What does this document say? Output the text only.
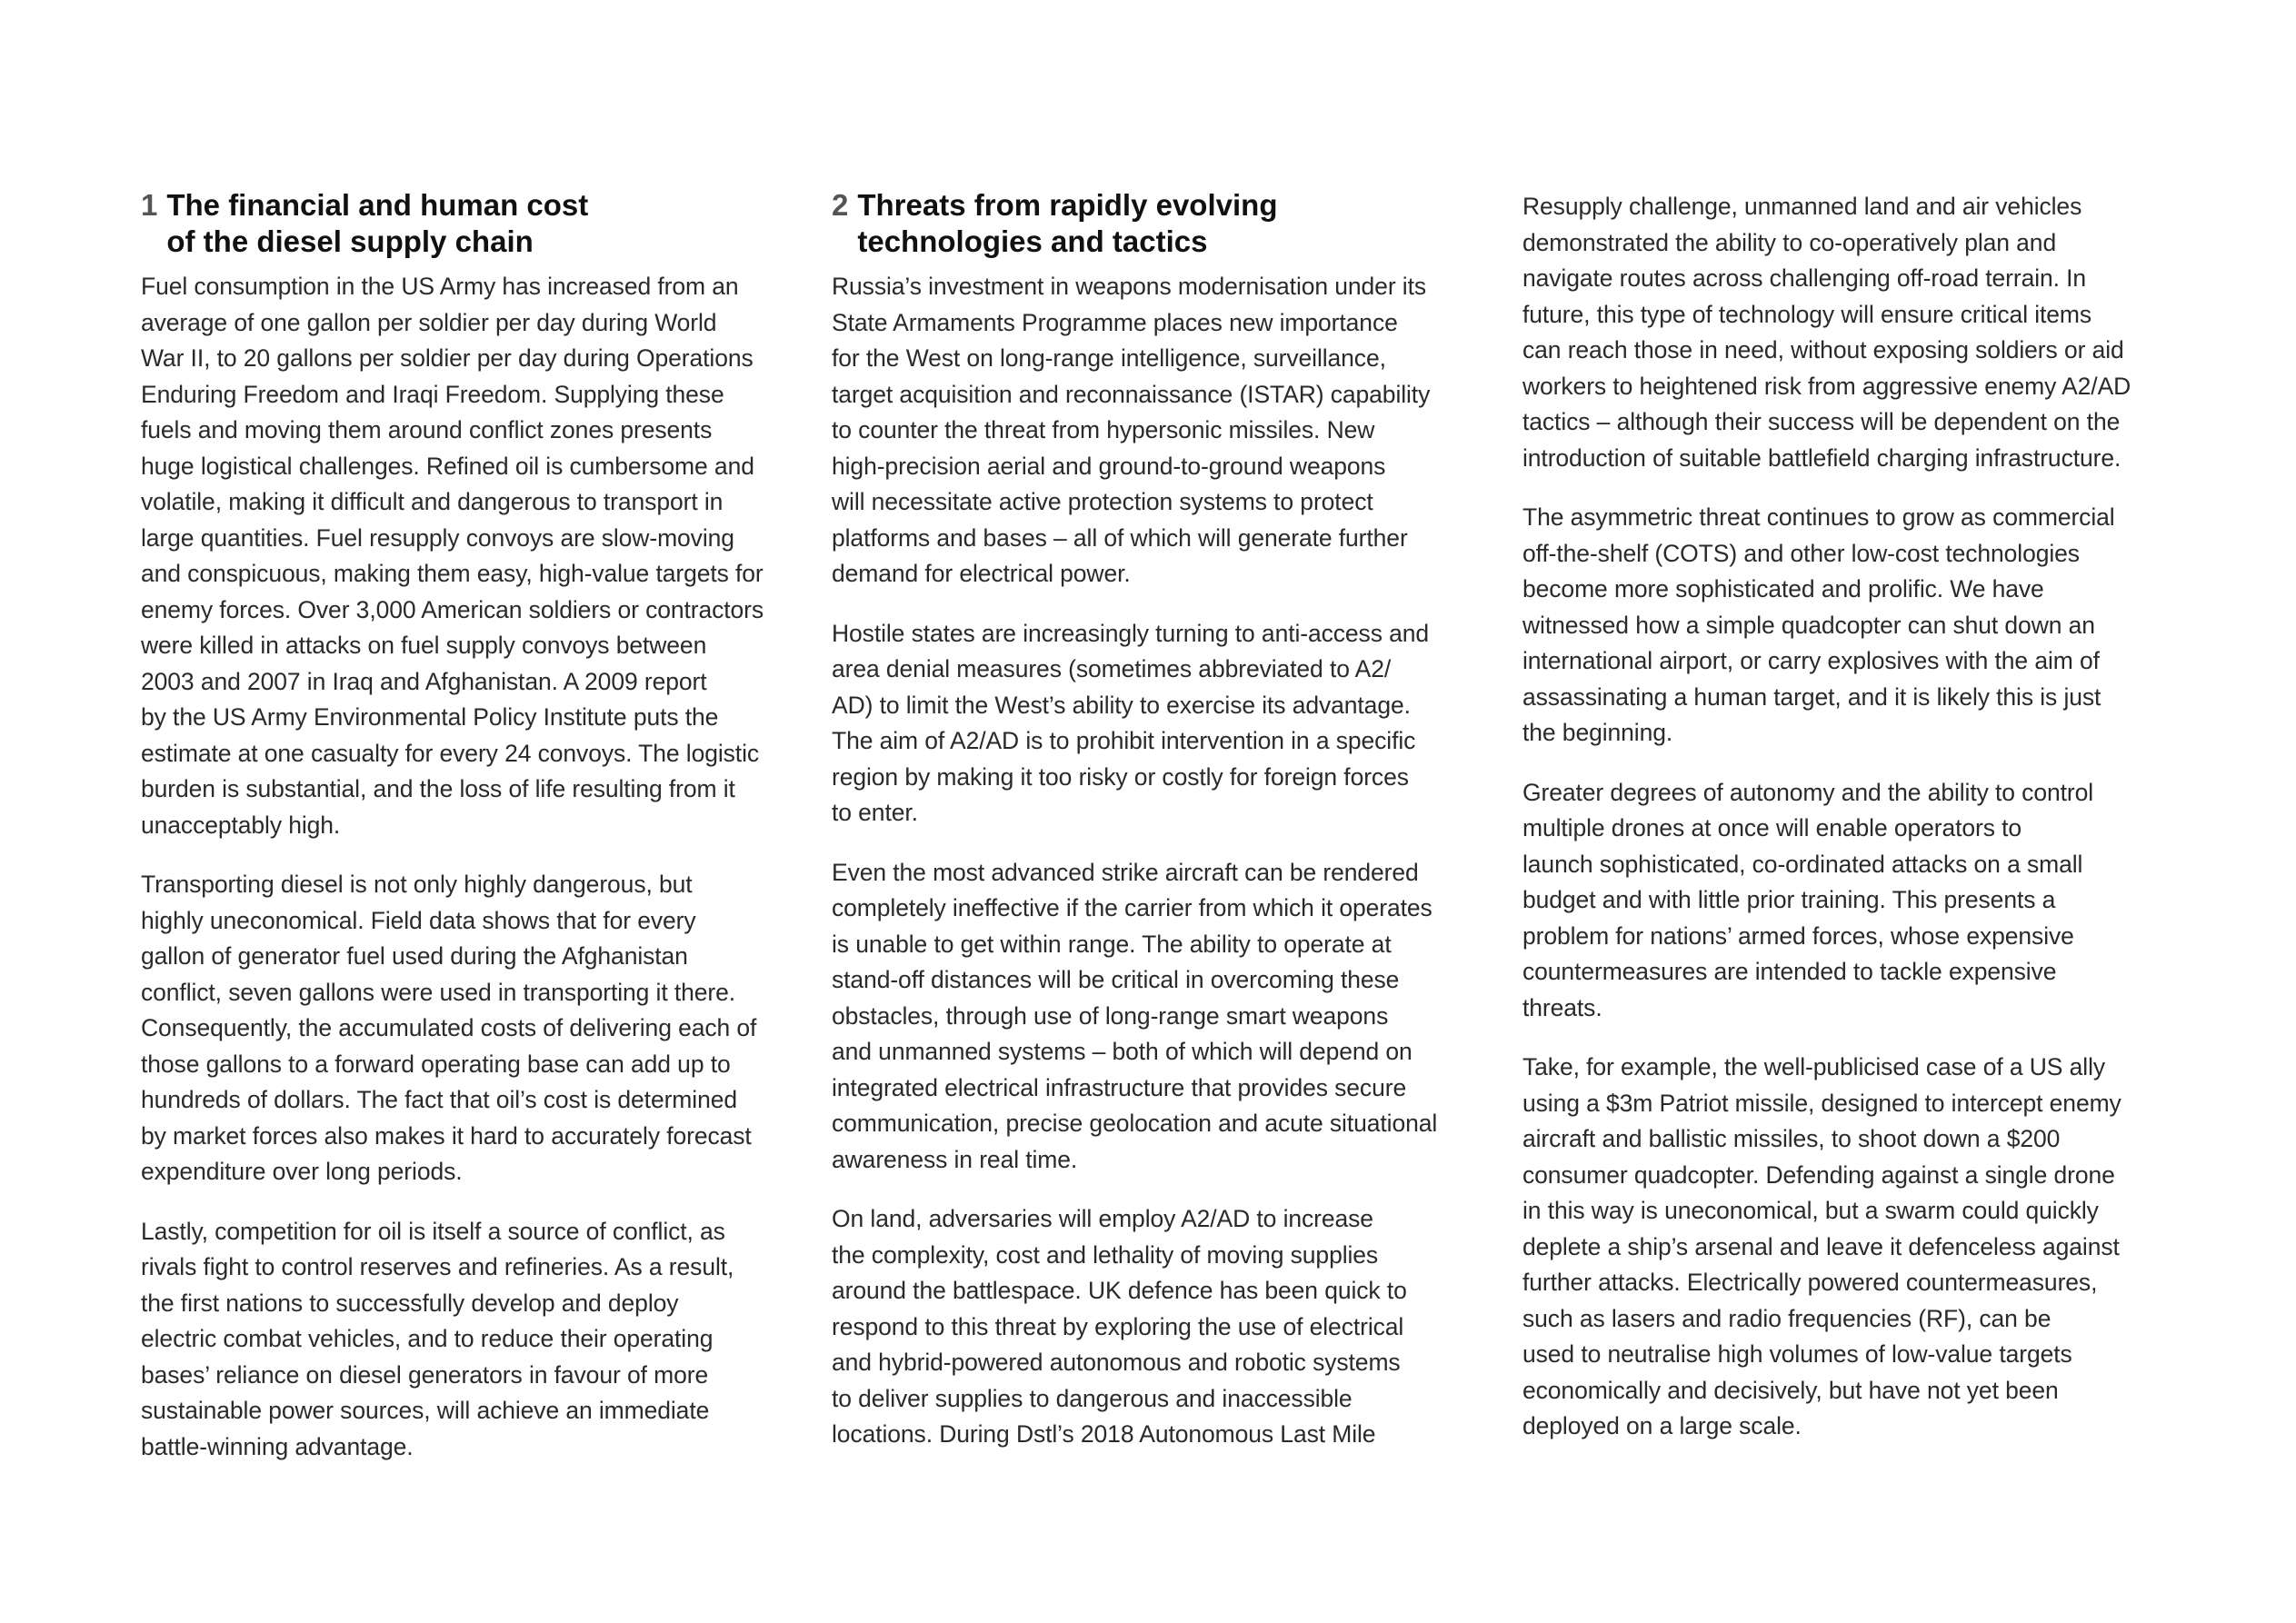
1 The financial and human cost
of the diesel supply chain

Fuel consumption in the US Army has increased from an
average of one gallon per soldier per day during World
War II, to 20 gallons per soldier per day during Operations
Enduring Freedom and Iraqi Freedom. Supplying these
fuels and moving them around conflict zones presents
huge logistical challenges. Refined oil is cumbersome and
volatile, making it difficult and dangerous to transport in
large quantities. Fuel resupply convoys are slow-moving
and conspicuous, making them easy, high-value targets for
enemy forces. Over 3,000 American soldiers or contractors
were killed in attacks on fuel supply convoys between
2003 and 2007 in Iraq and Afghanistan. A 2009 report
by the US Army Environmental Policy Institute puts the
estimate at one casualty for every 24 convoys. The logistic
burden is substantial, and the loss of life resulting from it
unacceptably high.

Transporting diesel is not only highly dangerous, but
highly uneconomical. Field data shows that for every
gallon of generator fuel used during the Afghanistan
conflict, seven gallons were used in transporting it there.
Consequently, the accumulated costs of delivering each of
those gallons to a forward operating base can add up to
hundreds of dollars. The fact that oil’s cost is determined
by market forces also makes it hard to accurately forecast
expenditure over long periods.

Lastly, competition for oil is itself a source of conflict, as
rivals fight to control reserves and refineries. As a result,
the first nations to successfully develop and deploy
electric combat vehicles, and to reduce their operating
bases’ reliance on diesel generators in favour of more
sustainable power sources, will achieve an immediate
battle-winning advantage.

2 Threats from rapidly evolving
technologies and tactics

Russia’s investment in weapons modernisation under its
State Armaments Programme places new importance
for the West on long-range intelligence, surveillance,
target acquisition and reconnaissance (ISTAR) capability
to counter the threat from hypersonic missiles. New
high-precision aerial and ground-to-ground weapons
will necessitate active protection systems to protect
platforms and bases – all of which will generate further
demand for electrical power.

Hostile states are increasingly turning to anti-access and
area denial measures (sometimes abbreviated to A2/
AD) to limit the West’s ability to exercise its advantage.
The aim of A2/AD is to prohibit intervention in a specific
region by making it too risky or costly for foreign forces
to enter.

Even the most advanced strike aircraft can be rendered
completely ineffective if the carrier from which it operates
is unable to get within range. The ability to operate at
stand-off distances will be critical in overcoming these
obstacles, through use of long-range smart weapons
and unmanned systems – both of which will depend on
integrated electrical infrastructure that provides secure
communication, precise geolocation and acute situational
awareness in real time.

On land, adversaries will employ A2/AD to increase
the complexity, cost and lethality of moving supplies
around the battlespace. UK defence has been quick to
respond to this threat by exploring the use of electrical
and hybrid-powered autonomous and robotic systems
to deliver supplies to dangerous and inaccessible
locations. During Dstl’s 2018 Autonomous Last Mile

Resupply challenge, unmanned land and air vehicles
demonstrated the ability to co-operatively plan and
navigate routes across challenging off-road terrain. In
future, this type of technology will ensure critical items
can reach those in need, without exposing soldiers or aid
workers to heightened risk from aggressive enemy A2/AD
tactics – although their success will be dependent on the
introduction of suitable battlefield charging infrastructure.

The asymmetric threat continues to grow as commercial
off-the-shelf (COTS) and other low-cost technologies
become more sophisticated and prolific. We have
witnessed how a simple quadcopter can shut down an
international airport, or carry explosives with the aim of
assassinating a human target, and it is likely this is just
the beginning.

Greater degrees of autonomy and the ability to control
multiple drones at once will enable operators to
launch sophisticated, co-ordinated attacks on a small
budget and with little prior training. This presents a
problem for nations’ armed forces, whose expensive
countermeasures are intended to tackle expensive
threats.

Take, for example, the well-publicised case of a US ally
using a $3m Patriot missile, designed to intercept enemy
aircraft and ballistic missiles, to shoot down a $200
consumer quadcopter. Defending against a single drone
in this way is uneconomical, but a swarm could quickly
deplete a ship’s arsenal and leave it defenceless against
further attacks. Electrically powered countermeasures,
such as lasers and radio frequencies (RF), can be
used to neutralise high volumes of low-value targets
economically and decisively, but have not yet been
deployed on a large scale.
